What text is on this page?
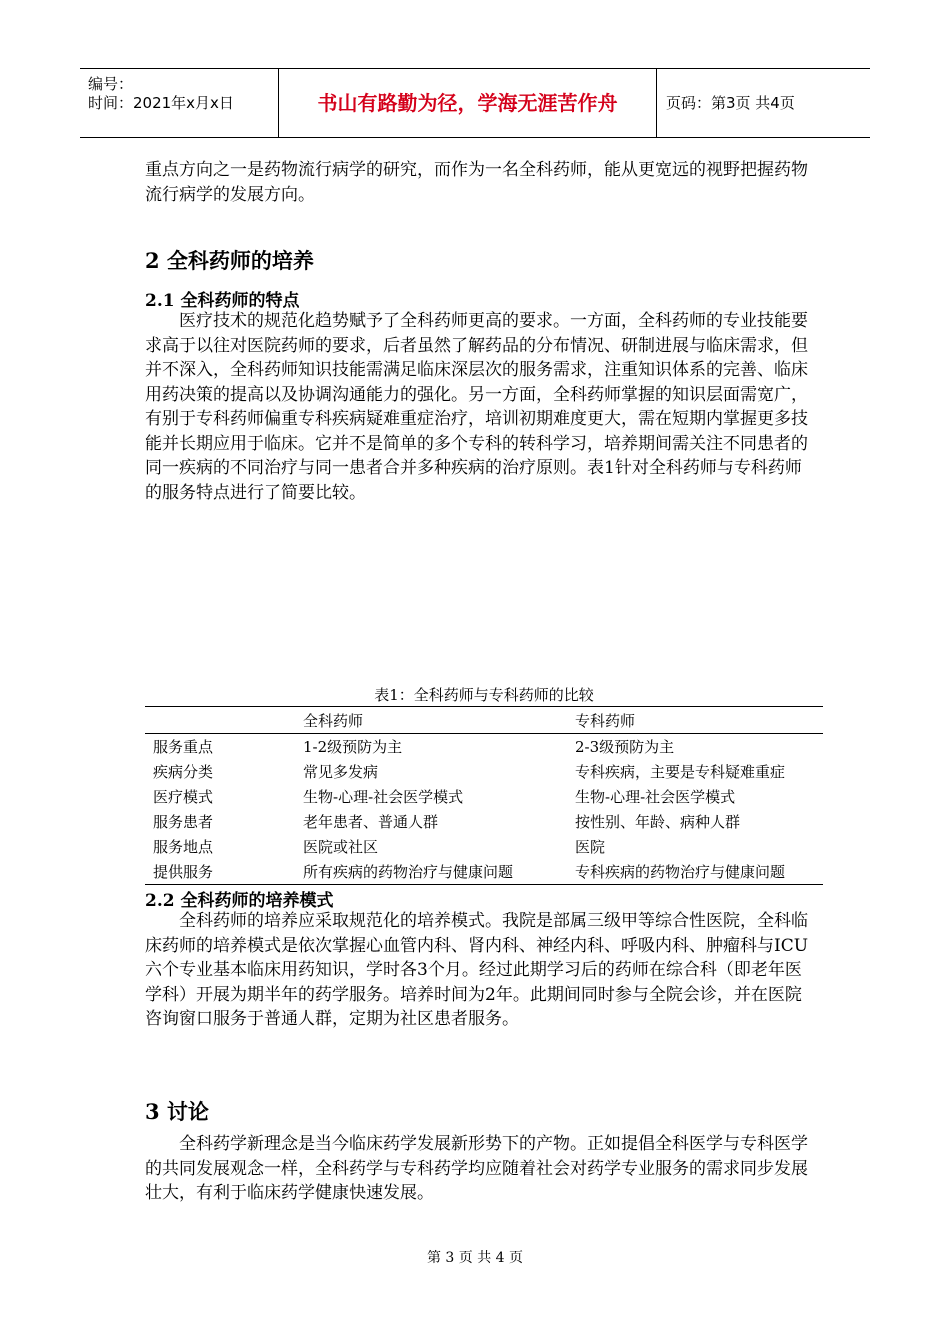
编号：
时间：2021年x月x日	书山有路勤为径，学海无涯苦作舟	页码：第3页 共4页

重点方向之一是药物流行病学的研究，而作为一名全科药师，能从更宽远的视野把握药物流行病学的发展方向。

2 全科药师的培养
2.1 全科药师的特点

医疗技术的规范化趋势赋予了全科药师更高的要求。一方面，全科药师的专业技能要求高于以往对医院药师的要求，后者虽然了解药品的分布情况、研制进展与临床需求，但并不深入，全科药师知识技能需满足临床深层次的服务需求，注重知识体系的完善、临床用药决策的提高以及协调沟通能力的强化。另一方面，全科药师掌握的知识层面需宽广，有别于专科药师偏重专科疾病疑难重症治疗，培训初期难度更大，需在短期内掌握更多技能并长期应用于临床。它并不是简单的多个专科的转科学习，培养期间需关注不同患者的同一疾病的不同治疗与同一患者合并多种疾病的治疗原则。表1针对全科药师与专科药师的服务特点进行了简要比较。

表1：全科药师与专科药师的比较
	全科药师	专科药师
服务重点	1-2级预防为主	2-3级预防为主
疾病分类	常见多发病	专科疾病，主要是专科疑难重症
医疗模式	生物-心理-社会医学模式	生物-心理-社会医学模式
服务患者	老年患者、普通人群	按性别、年龄、病种人群
服务地点	医院或社区	医院
提供服务	所有疾病的药物治疗与健康问题	专科疾病的药物治疗与健康问题
2.2 全科药师的培养模式

全科药师的培养应采取规范化的培养模式。我院是部属三级甲等综合性医院，全科临床药师的培养模式是依次掌握心血管内科、肾内科、神经内科、呼吸内科、肿瘤科与ICU六个专业基本临床用药知识，学时各3个月。经过此期学习后的药师在综合科（即老年医学科）开展为期半年的药学服务。培养时间为2年。此期间同时参与全院会诊，并在医院咨询窗口服务于普通人群，定期为社区患者服务。

3 讨论

全科药学新理念是当今临床药学发展新形势下的产物。正如提倡全科医学与专科医学的共同发展观念一样，全科药学与专科药学均应随着社会对药学专业服务的需求同步发展壮大，有利于临床药学健康快速发展。

第 3 页 共 4 页
